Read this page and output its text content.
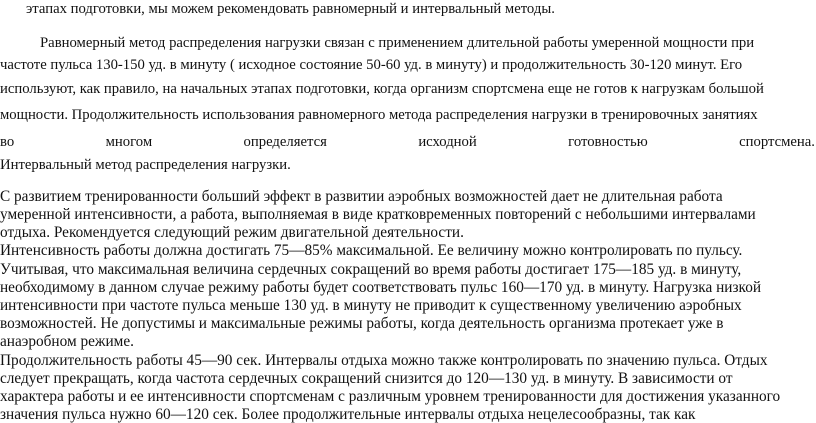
этапах подготовки, мы можем рекомендовать равномерный и интервальный методы.

Равномерный метод распределения нагрузки связан с применением длительной работы умеренной мощности при

частоте пульса 130-150 уд. в минуту ( исходное состояние 50-60 уд. в минуту) и продолжительность 30-120 минут. Его

используют, как правило, на начальных этапах подготовки, когда организм спортсмена еще не готов к нагрузкам большой

мощности. Продолжительность использования равномерного метода распределения нагрузки в тренировочных занятиях

во	многом	определяется	исходной	готовностью	спортсмена.

Интервальный метод распределения нагрузки.

С развитием тренированности больший эффект в развитии аэробных возможностей дает не длительная работа

умеренной интенсивности, а работа, выполняемая в виде кратковременных повторений с небольшими интервалами

отдыха. Рекомендуется следующий режим двигательной деятельности.

Интенсивность работы должна достигать 75—85% максимальной. Ее величину можно контролировать по пульсу.

Учитывая, что максимальная величина сердечных сокращений во время работы достигает 175—185 уд. в минуту,

необходимому в данном случае режиму работы будет соответствовать пульс 160—170 уд. в минуту. Нагрузка низкой

интенсивности при частоте пульса меньше 130 уд. в минуту не приводит к существенному увеличению аэробных

возможностей. Не допустимы и максимальные режимы работы, когда деятельность организма протекает уже в

анаэробном режиме.

Продолжительность работы 45—90 сек. Интервалы отдыха можно также контролировать по значению пульса. Отдых

следует прекращать, когда частота сердечных сокращений снизится до 120—130 уд. в минуту. В зависимости от

характера работы и ее интенсивности спортсменам с различным уровнем тренированности для достижения указанного

значения пульса нужно 60—120 сек. Более продолжительные интервалы отдыха нецелесообразны, так как
